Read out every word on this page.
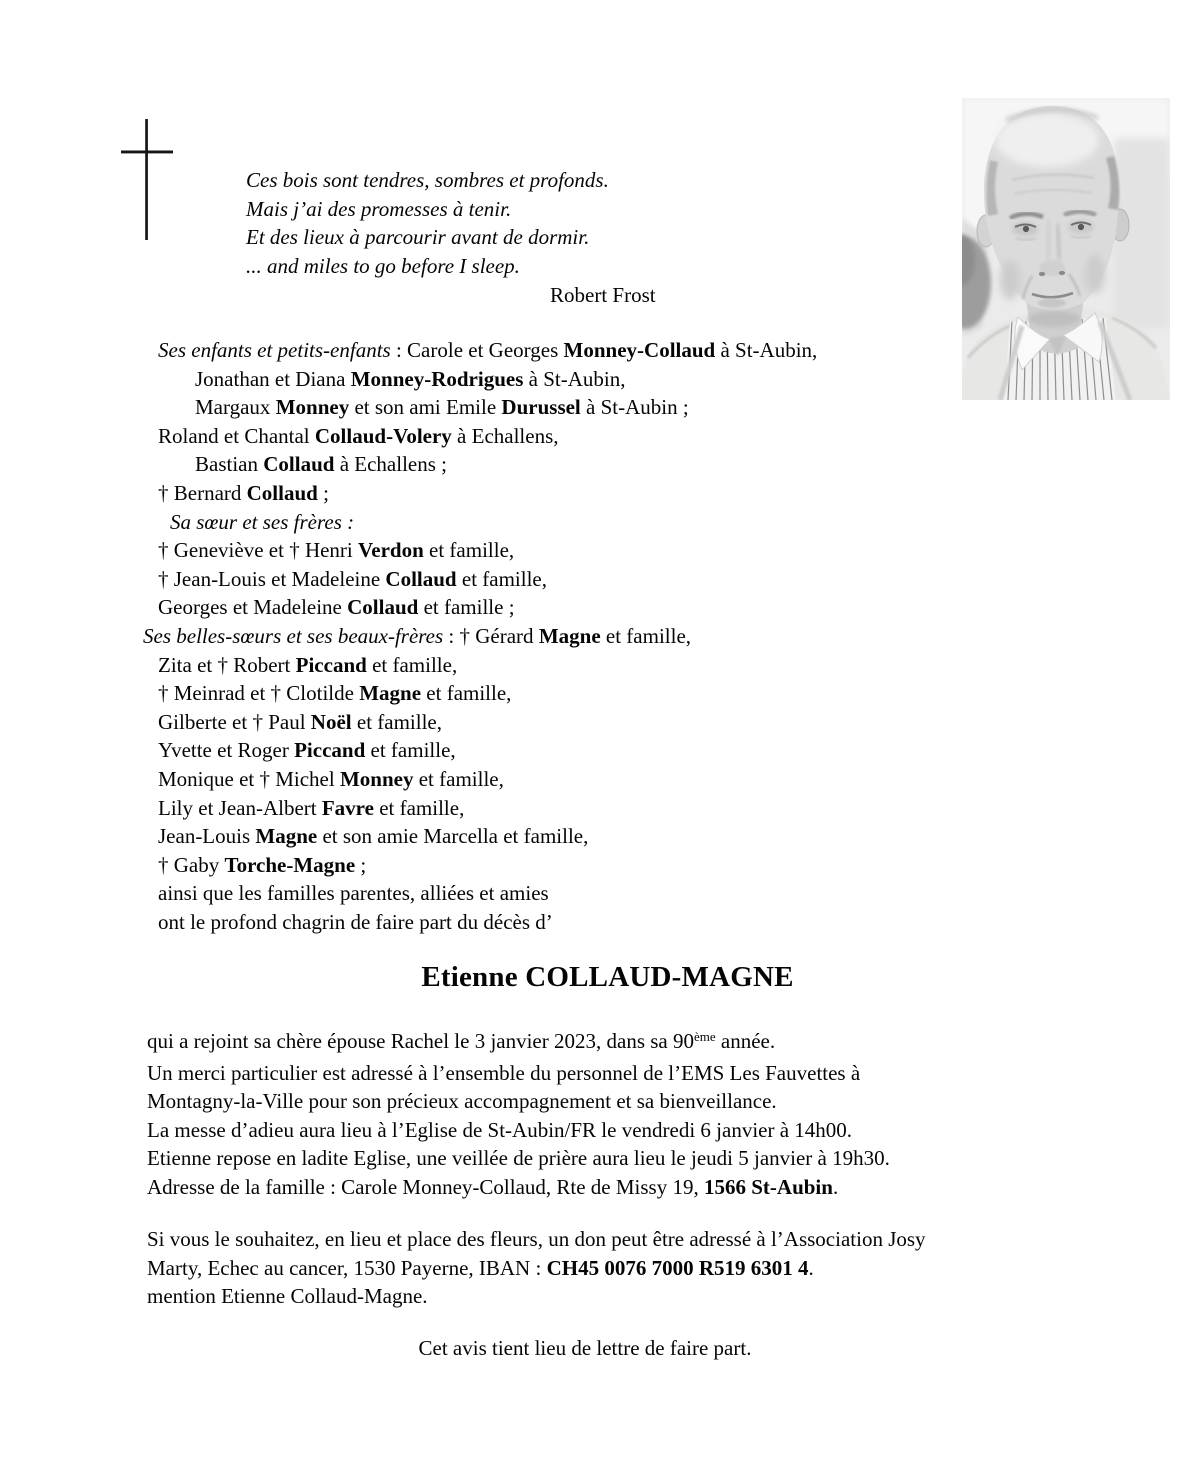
Ces bois sont tendres, sombres et profonds.
Mais j’ai des promesses à tenir.
Et des lieux à parcourir avant de dormir.
... and miles to go before I sleep.
Robert Frost
Ses enfants et petits-enfants : Carole et Georges Monney-Collaud à St-Aubin,
Jonathan et Diana Monney-Rodrigues à St-Aubin,
Margaux Monney et son ami Emile Durussel à St-Aubin ;
Roland et Chantal Collaud-Volery à Echallens,
Bastian Collaud à Echallens ;
† Bernard Collaud ;
Sa sœur et ses frères :
† Geneviève et † Henri Verdon et famille,
† Jean-Louis et Madeleine Collaud et famille,
Georges et Madeleine Collaud et famille ;
Ses belles-sœurs et ses beaux-frères : † Gérard Magne et famille,
Zita et † Robert Piccand et famille,
† Meinrad et † Clotilde Magne et famille,
Gilberte et † Paul Noël et famille,
Yvette et Roger Piccand et famille,
Monique et † Michel Monney et famille,
Lily et Jean-Albert Favre et famille,
Jean-Louis Magne et son amie Marcella et famille,
† Gaby Torche-Magne ;
ainsi que les familles parentes, alliées et amies
ont le profond chagrin de faire part du décès d’
Etienne COLLAUD-MAGNE
qui a rejoint sa chère épouse Rachel le 3 janvier 2023, dans sa 90ème année.
Un merci particulier est adressé à l’ensemble du personnel de l’EMS Les Fauvettes à
Montagny-la-Ville pour son précieux accompagnement et sa bienveillance.
La messe d’adieu aura lieu à l’Eglise de St-Aubin/FR le vendredi 6 janvier à 14h00.
Etienne repose en ladite Eglise, une veillée de prière aura lieu le jeudi 5 janvier à 19h30.
Adresse de la famille : Carole Monney-Collaud, Rte de Missy 19, 1566 St-Aubin.
Si vous le souhaitez, en lieu et place des fleurs, un don peut être adressé à l’Association Josy
Marty, Echec au cancer, 1530 Payerne, IBAN : CH45 0076 7000 R519 6301 4.
mention Etienne Collaud-Magne.
Cet avis tient lieu de lettre de faire part.
